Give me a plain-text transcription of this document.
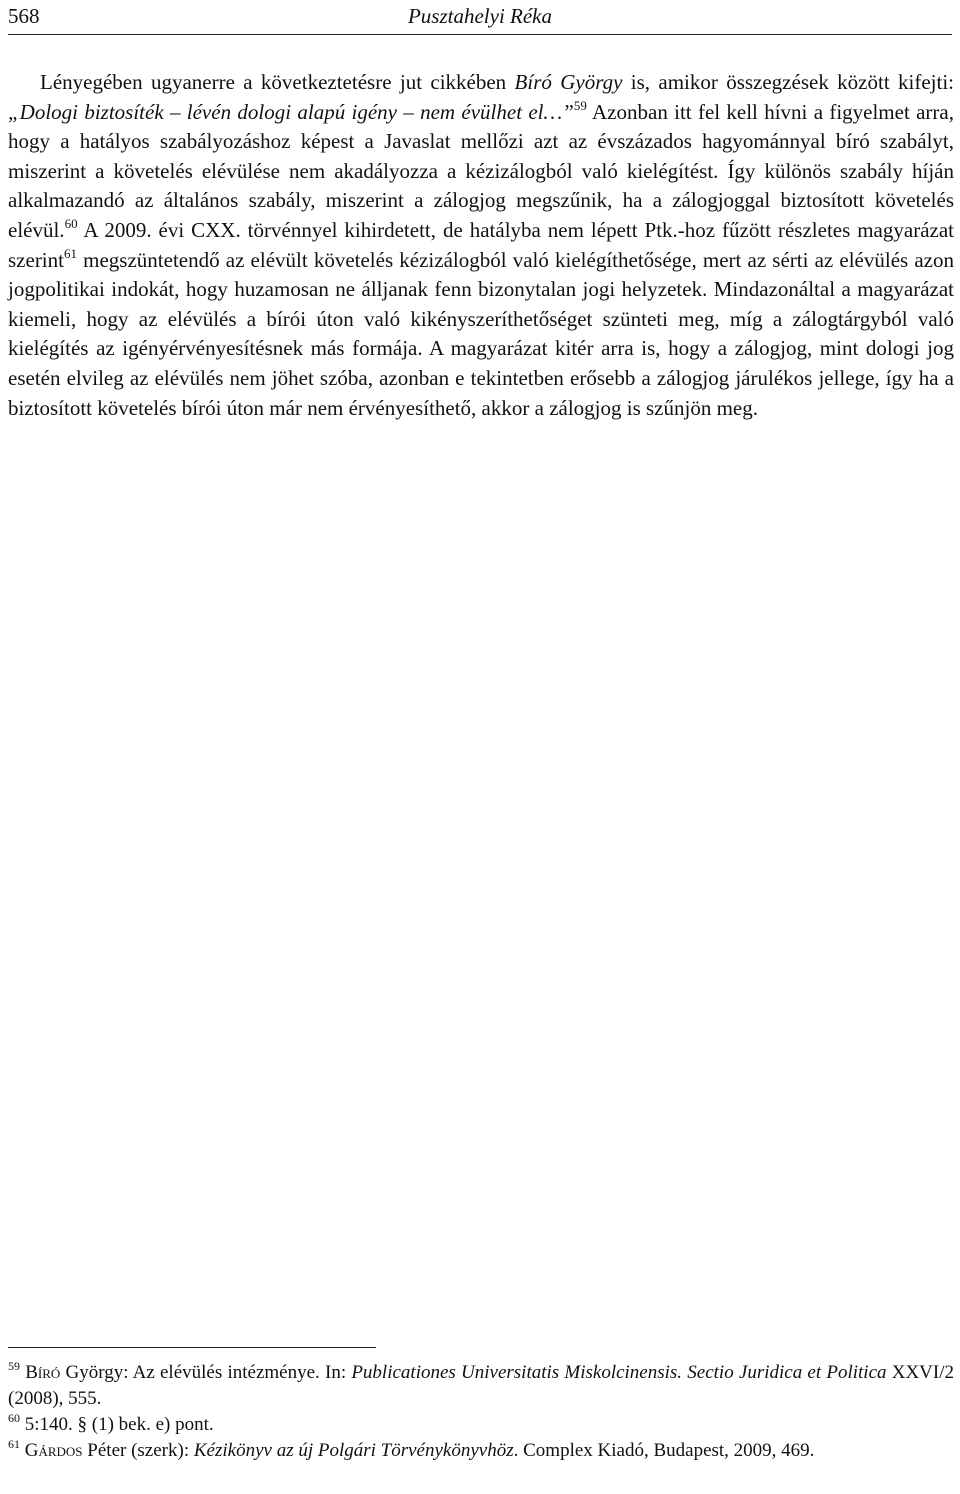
568	Pusztahelyi Réka

Lényegében ugyanerre a következtetésre jut cikkében Bíró György is, amikor összegzések között kifejti: „Dologi biztosíték – lévén dologi alapú igény – nem évülhet el…”$^{59}$ Azonban itt fel kell hívni a figyelmet arra, hogy a hatályos szabályozáshoz képest a Javaslat mellőzi azt az évszázados hagyománnyal bíró szabályt, miszerint a követelés elévülése nem akadályozza a kézizálogból való kielégítést. Így különös szabály híján alkalmazandó az általános szabály, miszerint a zálogjog megszűnik, ha a zálogjoggal biztosított követelés elévül.$^{60}$ A 2009. évi CXX. törvénnyel kihirdetett, de hatályba nem lépett Ptk.-hoz fűzött részletes magyarázat szerint$^{61}$ megszüntetendő az elévült követelés kézizálogból való kielégíthetősége, mert az sérti az elévülés azon jogpolitikai indokát, hogy huzamosan ne álljanak fenn bizonytalan jogi helyzetek. Mindazonáltal a magyarázat kiemeli, hogy az elévülés a bírói úton való kikényszeríthetőséget szünteti meg, míg a zálogtárgyból való kielégítés az igényérvényesítésnek más formája. A magyarázat kitér arra is, hogy a zálogjog, mint dologi jog esetén elvileg az elévülés nem jöhet szóba, azonban e tekintetben erősebb a zálogjog járulékos jellege, így ha a biztosított követelés bírói úton már nem érvényesíthető, akkor a zálogjog is szűnjön meg.

$^{59}$ Bíró György: Az elévülés intézménye. In: Publicationes Universitatis Miskolcinensis. Sectio Juridica et Politica XXVI/2 (2008), 555.

$^{60}$ 5:140. § (1) bek. e) pont.

$^{61}$ Gárdos Péter (szerk): Kézikönyv az új Polgári Törvénykönyvhöz. Complex Kiadó, Budapest, 2009, 469.
